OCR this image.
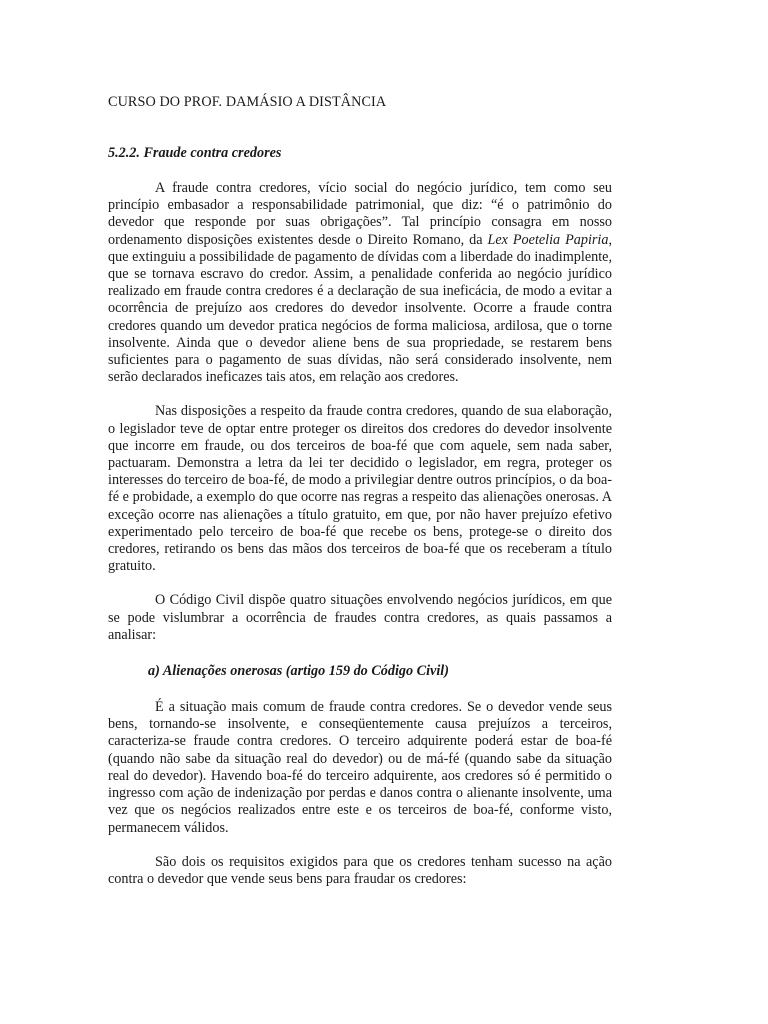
CURSO DO PROF. DAMÁSIO A DISTÂNCIA
5.2.2. Fraude contra credores

A fraude contra credores, vício social do negócio jurídico, tem como seu princípio embasador a responsabilidade patrimonial, que diz: “é o patrimônio do devedor que responde por suas obrigações”. Tal princípio consagra em nosso ordenamento disposições existentes desde o Direito Romano, da Lex Poetelia Papiria, que extinguiu a possibilidade de pagamento de dívidas com a liberdade do inadimplente, que se tornava escravo do credor. Assim, a penalidade conferida ao negócio jurídico realizado em fraude contra credores é a declaração de sua ineficácia, de modo a evitar a ocorrência de prejuízo aos credores do devedor insolvente. Ocorre a fraude contra credores quando um devedor pratica negócios de forma maliciosa, ardilosa, que o torne insolvente. Ainda que o devedor aliene bens de sua propriedade, se restarem bens suficientes para o pagamento de suas dívidas, não será considerado insolvente, nem serão declarados ineficazes tais atos, em relação aos credores.

Nas disposições a respeito da fraude contra credores, quando de sua elaboração, o legislador teve de optar entre proteger os direitos dos credores do devedor insolvente que incorre em fraude, ou dos terceiros de boa-fé que com aquele, sem nada saber, pactuaram. Demonstra a letra da lei ter decidido o legislador, em regra, proteger os interesses do terceiro de boa-fé, de modo a privilegiar dentre outros princípios, o da boa-fé e probidade, a exemplo do que ocorre nas regras a respeito das alienações onerosas. A exceção ocorre nas alienações a título gratuito, em que, por não haver prejuízo efetivo experimentado pelo terceiro de boa-fé que recebe os bens, protege-se o direito dos credores, retirando os bens das mãos dos terceiros de boa-fé que os receberam a título gratuito.

O Código Civil dispõe quatro situações envolvendo negócios jurídicos, em que se pode vislumbrar a ocorrência de fraudes contra credores, as quais passamos a analisar:

a) Alienações onerosas (artigo 159 do Código Civil)

É a situação mais comum de fraude contra credores. Se o devedor vende seus bens, tornando-se insolvente, e conseqüentemente causa prejuízos a terceiros, caracteriza-se fraude contra credores. O terceiro adquirente poderá estar de boa-fé (quando não sabe da situação real do devedor) ou de má-fé (quando sabe da situação real do devedor). Havendo boa-fé do terceiro adquirente, aos credores só é permitido o ingresso com ação de indenização por perdas e danos contra o alienante insolvente, uma vez que os negócios realizados entre este e os terceiros de boa-fé, conforme visto, permanecem válidos.

São dois os requisitos exigidos para que os credores tenham sucesso na ação contra o devedor que vende seus bens para fraudar os credores:
